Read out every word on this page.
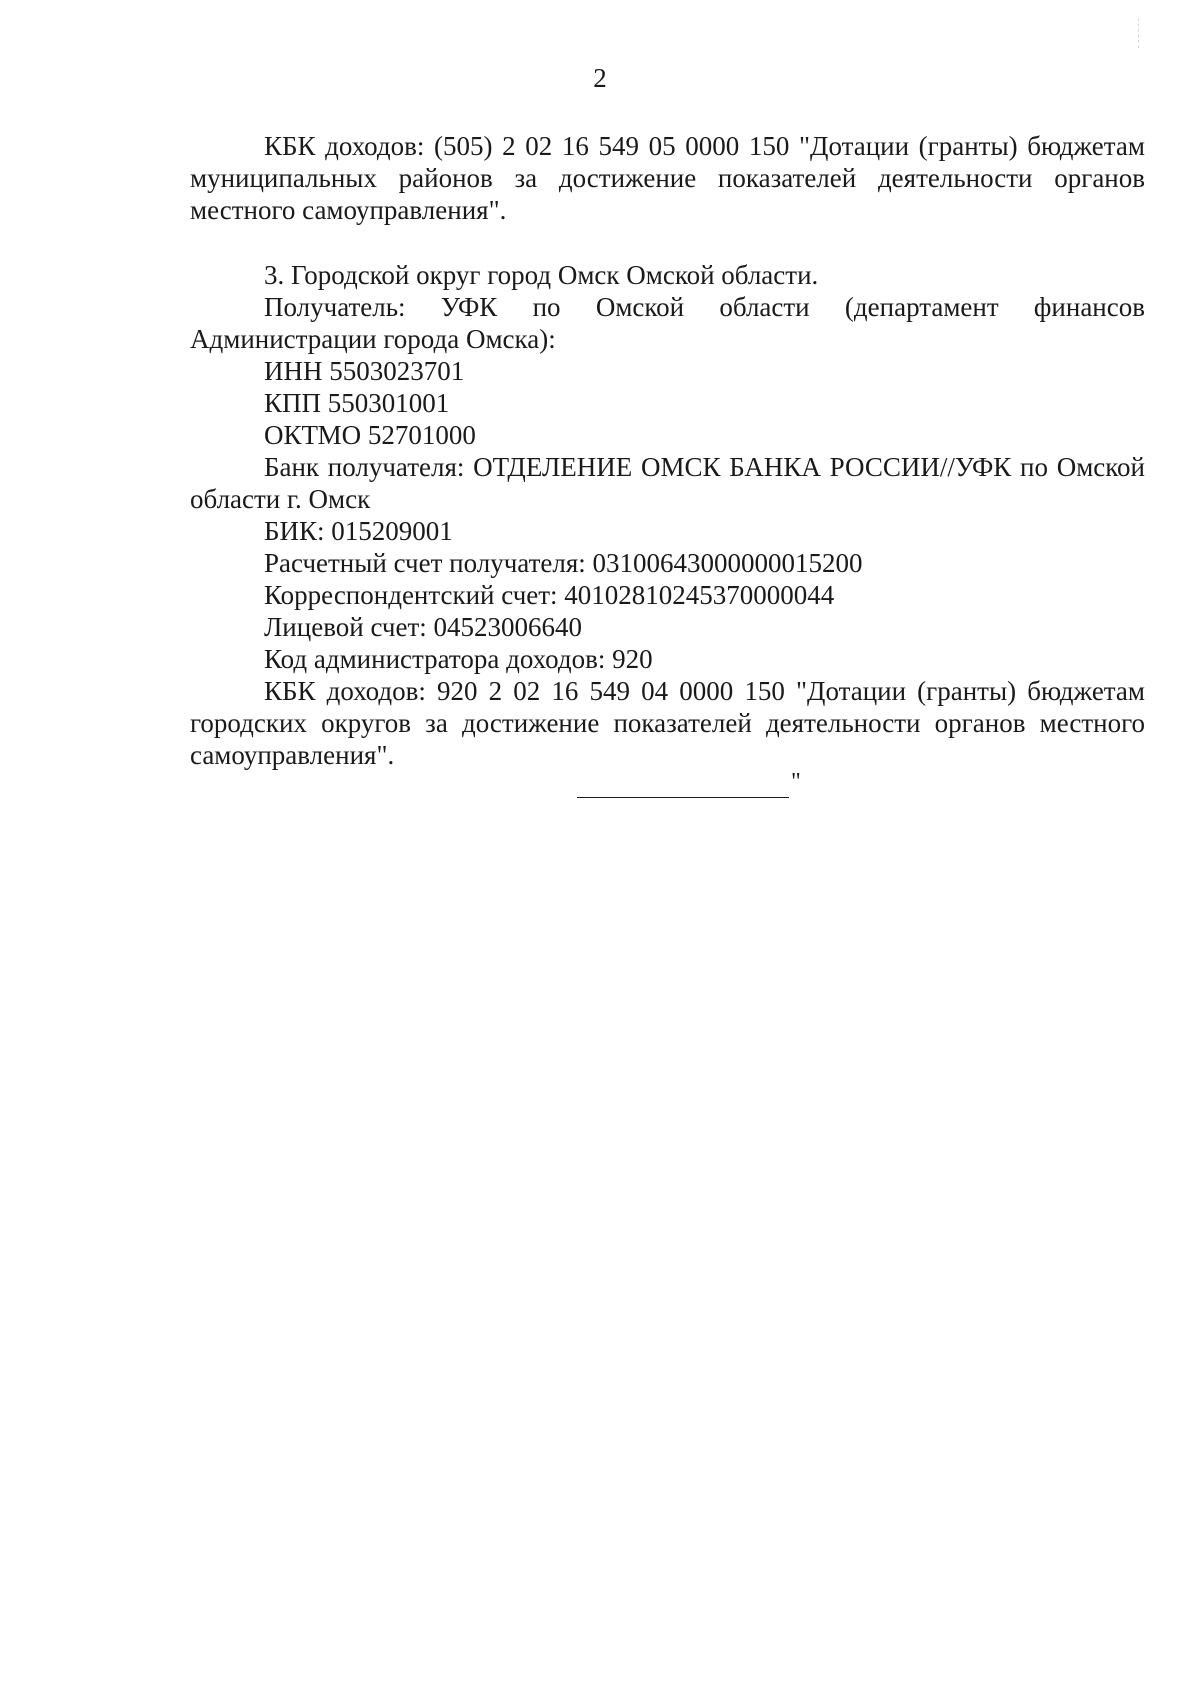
2

КБК доходов: (505) 2 02 16 549 05 0000 150 "Дотации (гранты) бюджетам муниципальных районов за достижение показателей деятельности органов местного самоуправления".

3. Городской округ город Омск Омской области.

Получатель: УФК по Омской области (департамент финансов Администрации города Омска):

ИНН 5503023701
КПП 550301001
ОКТМО 52701000

Банк получателя: ОТДЕЛЕНИЕ ОМСК БАНКА РОССИИ//УФК по Омской области г. Омск

БИК: 015209001
Расчетный счет получателя: 03100643000000015200
Корреспондентский счет: 40102810245370000044
Лицевой счет: 04523006640
Код администратора доходов: 920

КБК доходов: 920 2 02 16 549 04 0000 150 "Дотации (гранты) бюджетам городских округов за достижение показателей деятельности органов местного самоуправления".

"
